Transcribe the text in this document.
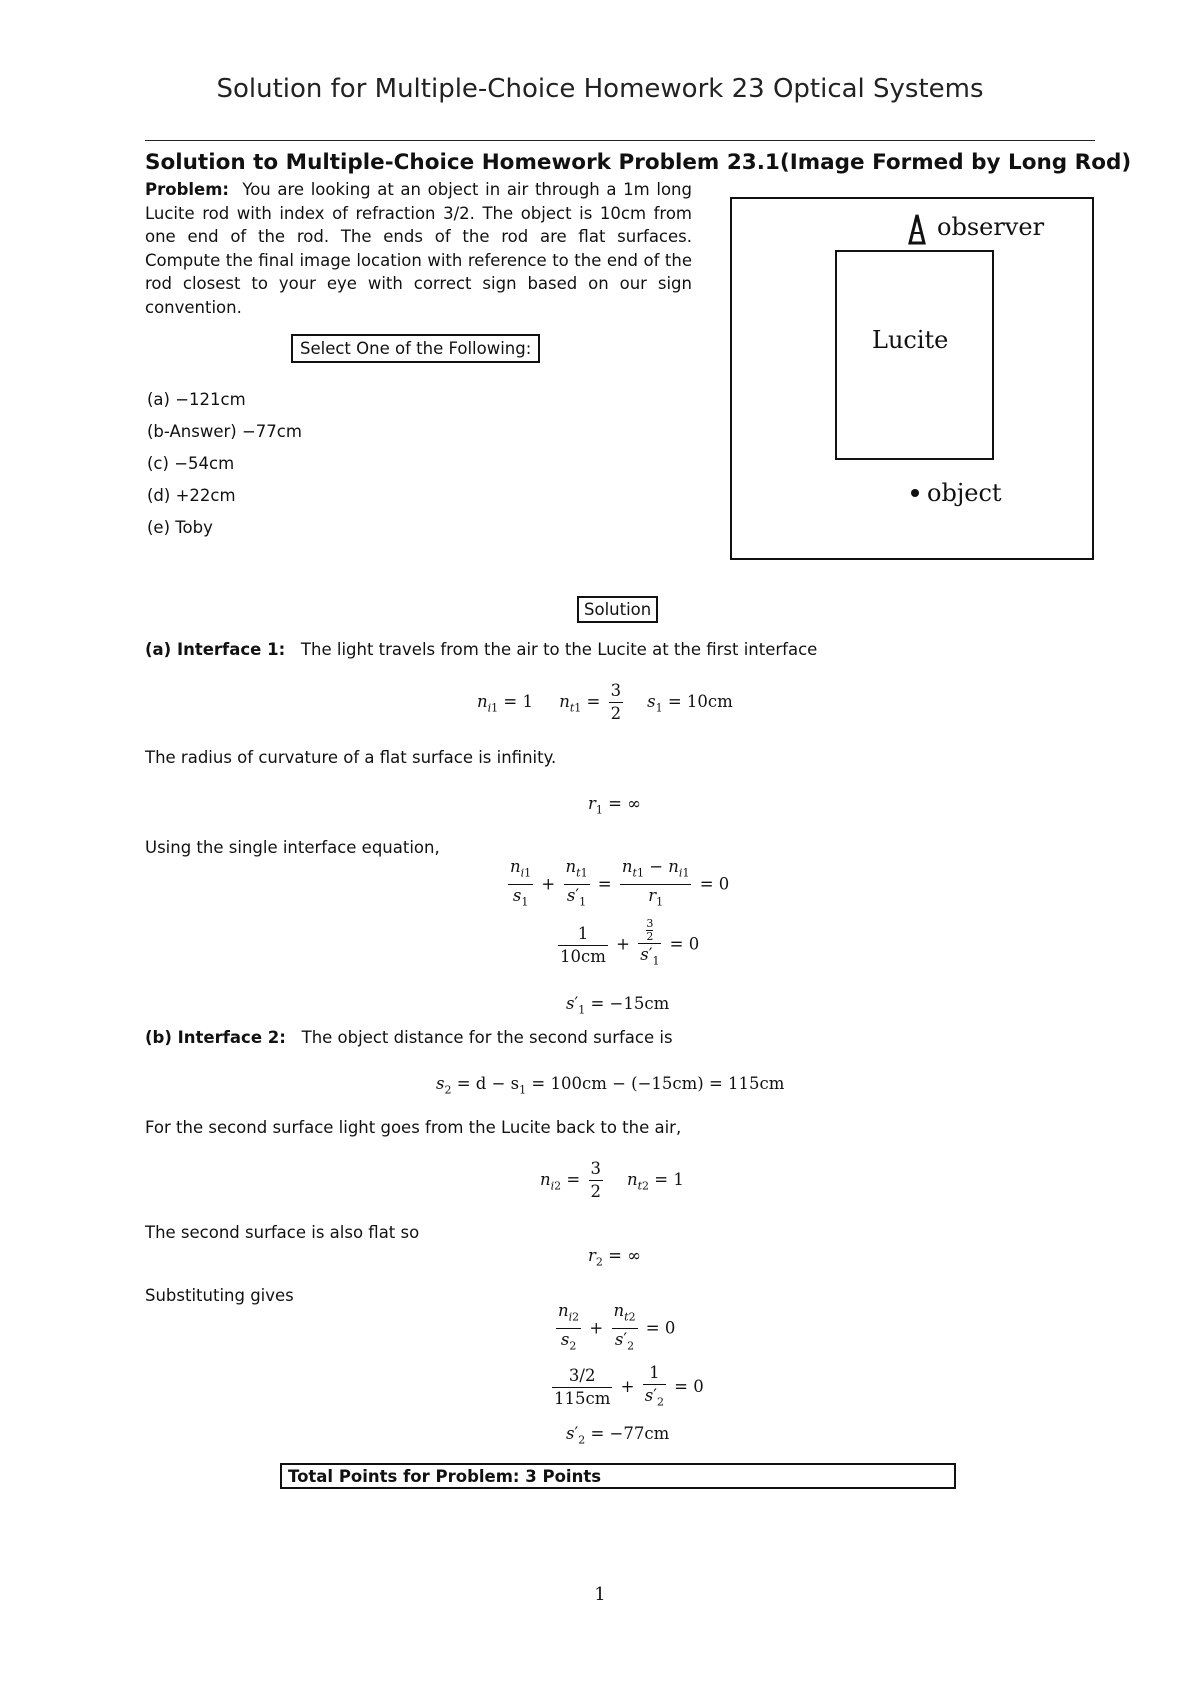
Solution for Multiple-Choice Homework 23 Optical Systems
Solution to Multiple-Choice Homework Problem 23.1(Image Formed by Long Rod)
Problem: You are looking at an object in air through a 1m long Lucite rod with index of refraction 3/2. The object is 10cm from one end of the rod. The ends of the rod are flat surfaces. Compute the final image location with reference to the end of the rod closest to your eye with correct sign based on our sign convention.
Select One of the Following:
(a) −121cm
(b-Answer) −77cm
(c) −54cm
(d) +22cm
(e) Toby
observer
Lucite
object
Solution
(a) Interface 1: The light travels from the air to the Lucite at the first interface
$n_{i1} = 1$ $n_{t1} = \frac{3}{2} s_1 = 10cm$
The radius of curvature of a flat surface is infinity.
$r_1$ = ∞
Using the single interface equation,
$\frac{n_{i1}}{s_1} + \frac{n_{t1}}{s'_1} = \frac{n_{t1} - n_{i1}}{r_1} = 0$
$\frac{1}{10cm} + \frac{\frac{3}{2}}{s'_1} = 0$
$s'_1 = -15cm$
(b) Interface 2: The object distance for the second surface is
$s_2 = d - s_1 = 100cm - (-15cm) = 115cm$
For the second surface light goes from the Lucite back to the air,
$n_{i2} = \frac{3}{2} n_{t2} = 1$
The second surface is also flat so
$r_2$ = ∞
Substituting gives
$\frac{n_{i2}}{s_2} + \frac{n_{t2}}{s'_2} = 0$
$\frac{3/2}{115cm} + \frac{1}{s'_2} = 0$
$s'_2 = -77cm$
Total Points for Problem: 3 Points
1
